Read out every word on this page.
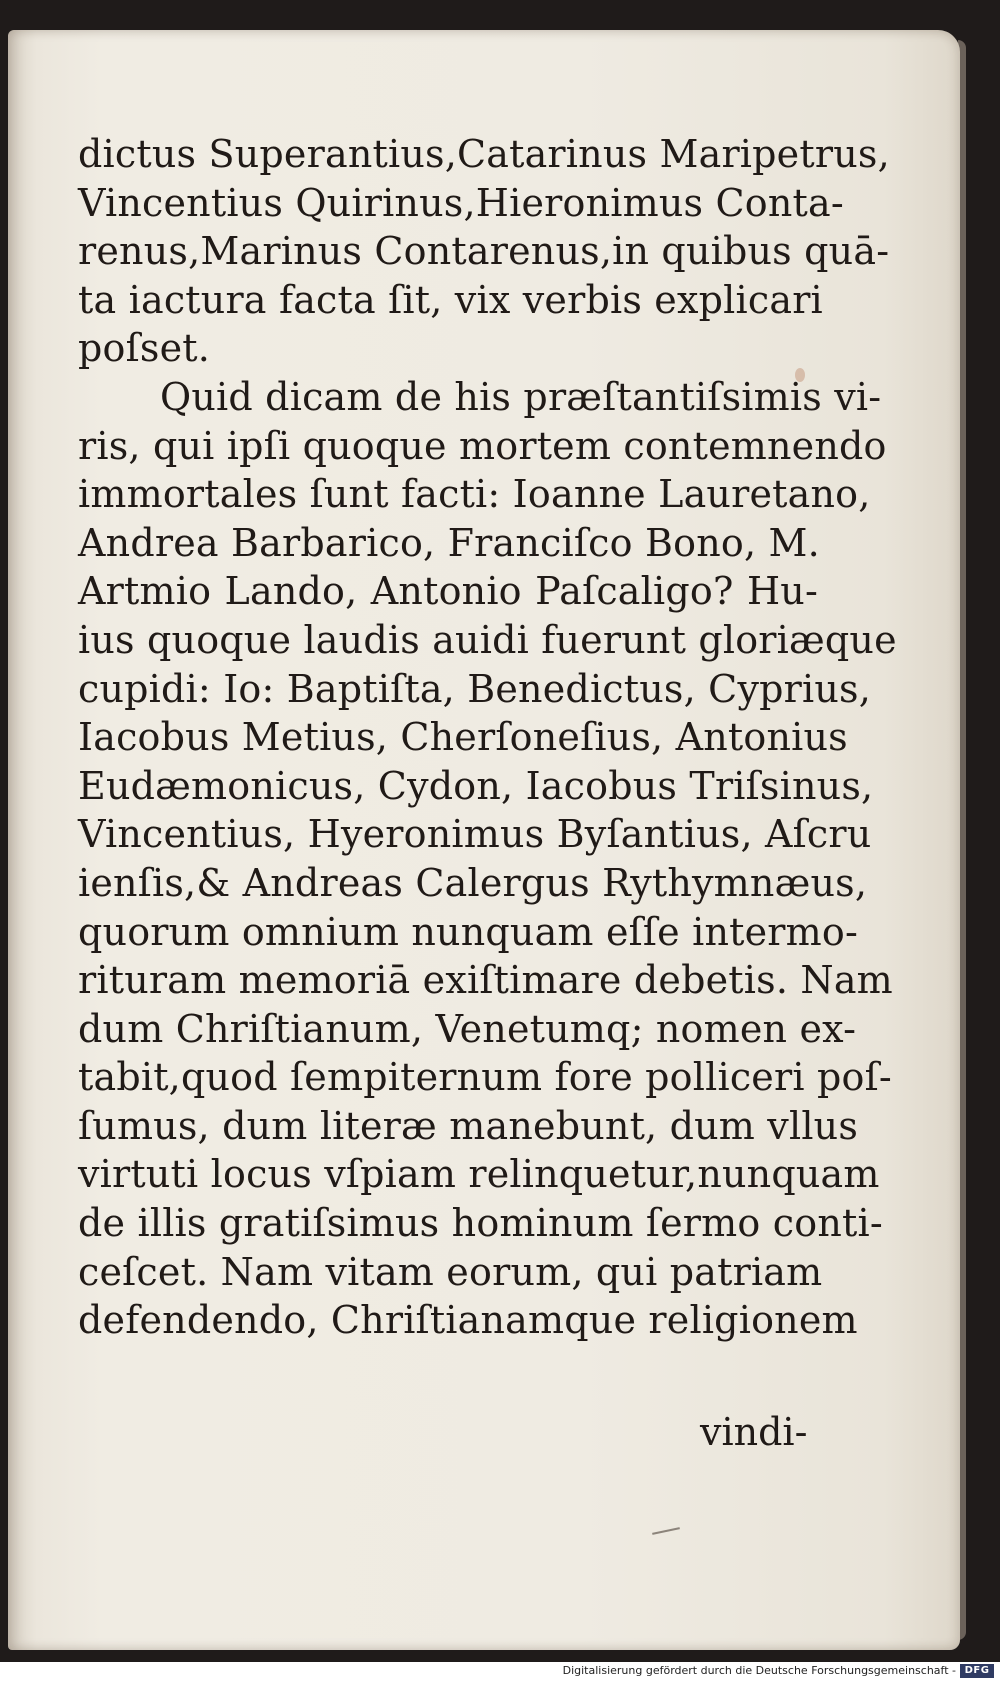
dictus Superantius,Catarinus Maripetrus,
Vincentius Quirinus,Hieronimus Conta-
renus,Marinus Contarenus,in quibus quā-
ta iactura facta ſit, vix verbis explicari
poſset.
Quid dicam de his præſtantiſsimis vi-
ris, qui ipſi quoque mortem contemnendo
immortales ſunt facti: Ioanne Lauretano,
Andrea Barbarico, Franciſco Bono, M.
Artmio Lando, Antonio Paſcaligo? Hu-
ius quoque laudis auidi fuerunt gloriæque
cupidi: Io: Baptiſta, Benedictus, Cyprius,
Iacobus Metius, Cherſoneſius, Antonius
Eudæmonicus, Cydon, Iacobus Triſsinus,
Vincentius, Hyeronimus Byſantius, Aſcru
ienſis,& Andreas Calergus Rythymnæus,
quorum omnium nunquam eſſe intermo-
rituram memoriā exiſtimare debetis. Nam
dum Chriſtianum, Venetumq; nomen ex-
tabit,quod ſempiternum fore polliceri poſ-
ſumus, dum literæ manebunt, dum vllus
virtuti locus vſpiam relinquetur,nunquam
de illis gratiſsimus hominum ſermo conti-
ceſcet. Nam vitam eorum, qui patriam
defendendo, Chriſtianamque religionem
vindi-
Digitalisierung gefördert durch die Deutsche Forschungsgemeinschaft - DFG
